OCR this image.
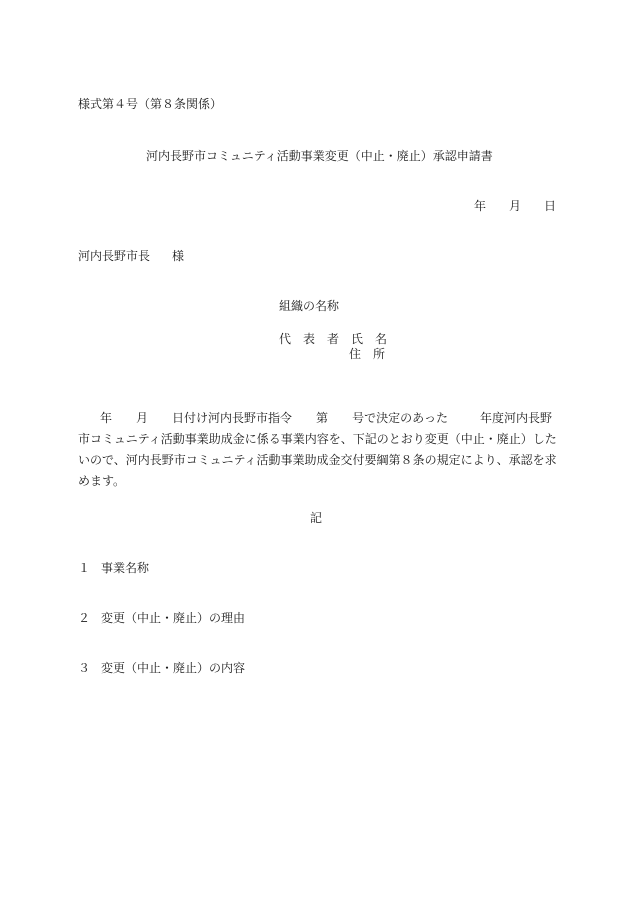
様式第４号（第８条関係）
河内長野市コミュニティ活動事業変更（中止・廃止）承認申請書
年 月 日
河内長野市長 様
組織の名称
代表者氏名
住所
年 月 日付け河内長野市指令 第 号で決定のあった	年度河内長野
市コミュニティ活動事業助成金に係る事業内容を、下記のとおり変更（中止・廃止）した
いので、河内長野市コミュニティ活動事業助成金交付要綱第８条の規定により、承認を求
めます。
記
１ 事業名称
２ 変更（中止・廃止）の理由
３ 変更（中止・廃止）の内容
